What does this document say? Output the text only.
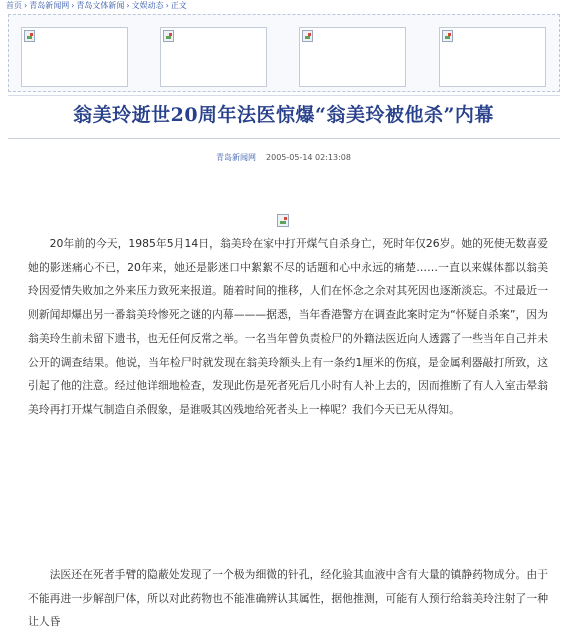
首页 › 青岛新闻网 › 青岛文体新闻 › 文娱动态 › 正文
翁美玲逝世20周年法医惊爆“翁美玲被他杀”内幕
青岛新闻网 2005-05-14 02:13:08

20年前的今天，1985年5月14日，翁美玲在家中打开煤气自杀身亡，死时年仅26岁。她的死使无数喜爱她的影迷痛心不已，20年来，她还是影迷口中絮絮不尽的话题和心中永远的痛楚……一直以来媒体都以翁美玲因爱情失败加之外来压力致死来报道。随着时间的推移，人们在怀念之余对其死因也逐渐淡忘。不过最近一则新闻却爆出另一番翁美玲惨死之谜的内幕———据悉，当年香港警方在调查此案时定为“怀疑自杀案”，因为翁美玲生前未留下遗书，也无任何反常之举。一名当年曾负责检尸的外籍法医近向人透露了一些当年自己并未公开的调查结果。他说，当年检尸时就发现在翁美玲额头上有一条约1厘米的伤痕，是金属利器敲打所致，这引起了他的注意。经过他详细地检查，发现此伤是死者死后几小时有人补上去的，因而推断了有人入室击晕翁美玲再打开煤气制造自杀假象，是谁吸其凶残地给死者头上一棒呢？我们今天已无从得知。

法医还在死者手臂的隐蔽处发现了一个极为细微的针孔，经化验其血液中含有大量的镇静药物成分。由于不能再进一步解剖尸体，所以对此药物也不能准确辨认其属性，据他推测，可能有人预行给翁美玲注射了一种让人昏
